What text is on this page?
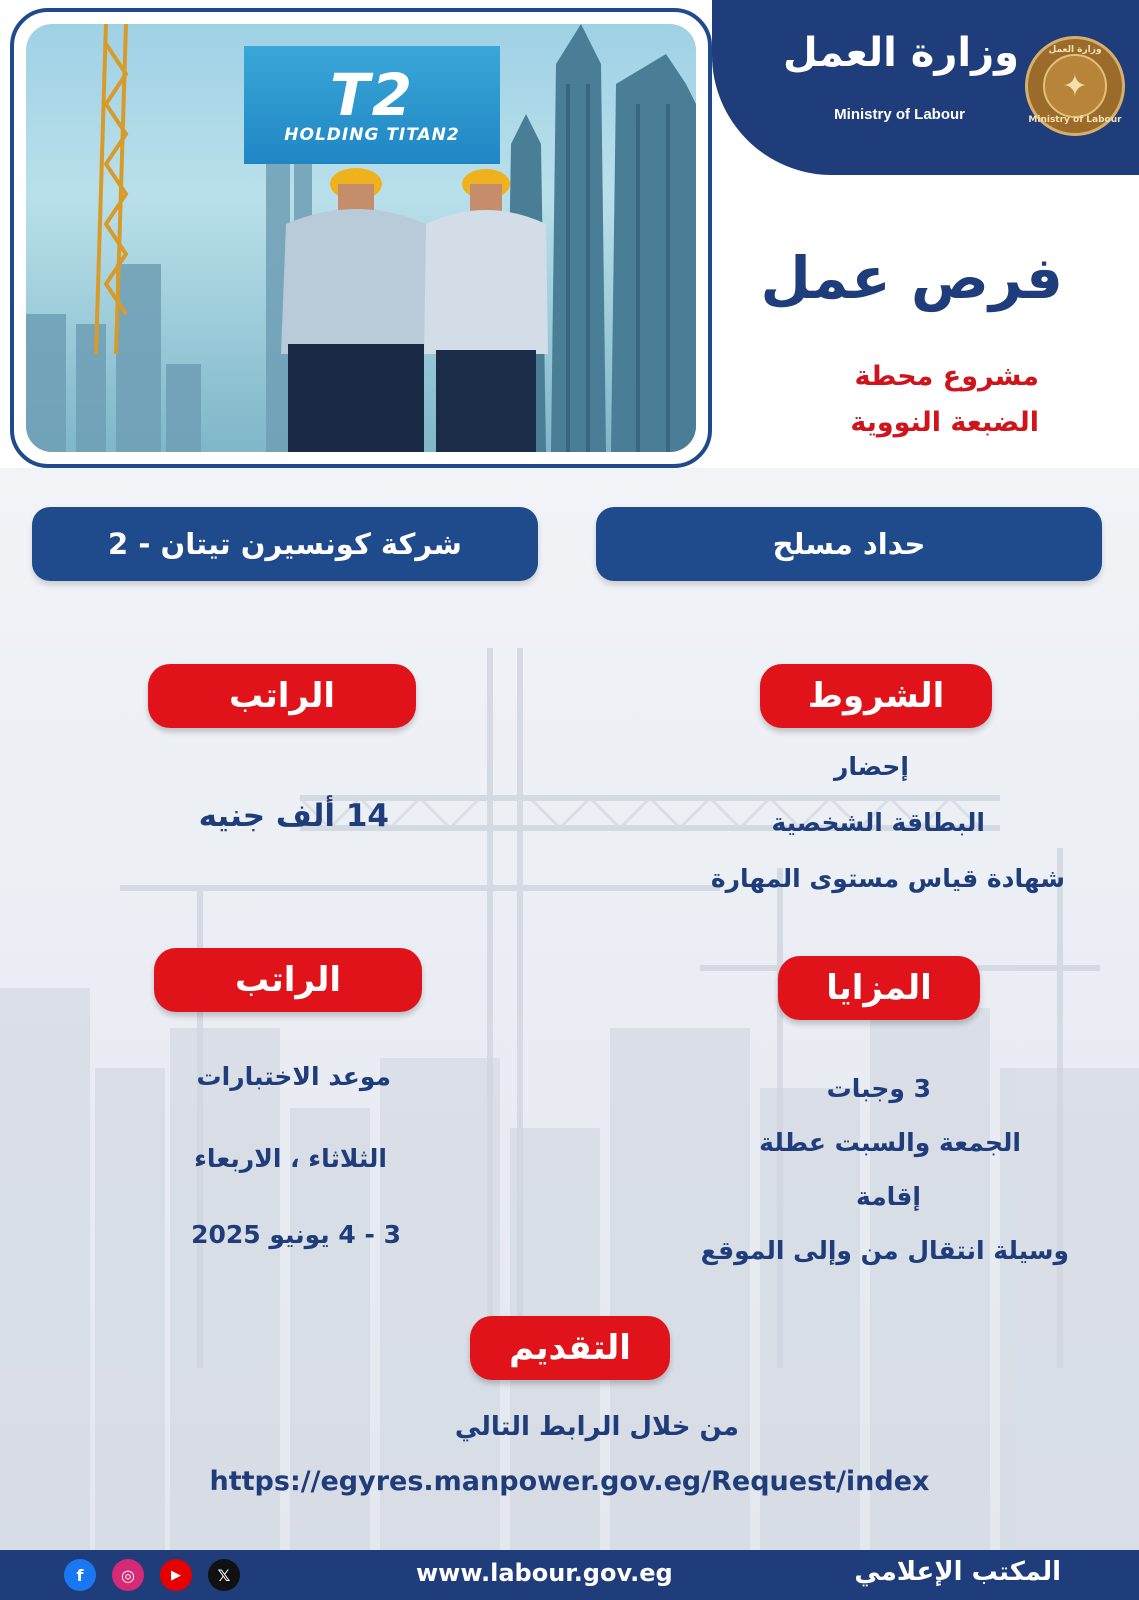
T2
HOLDING TITAN2
وزارة العمل
Ministry of Labour
وزارة العمل
✦
Ministry of Labour
فرص عمل
مشروع محطة
الضبعة النووية
حداد مسلح
شركة كونسيرن تيتان - 2
الشروط
إحضار
البطاقة الشخصية
شهادة قياس مستوى المهارة
الراتب
14 ألف جنيه
المزايا
3 وجبات
الجمعة والسبت عطلة
إقامة
وسيلة انتقال من وإلى الموقع
الراتب
موعد الاختبارات
الثلاثاء ، الاربعاء
3 - 4 يونيو 2025
التقديم
من خلال الرابط التالي
https://egyres.manpower.gov.eg/Request/index
المكتب الإعلامي
www.labour.gov.eg
f	◎	▶	𝕏
